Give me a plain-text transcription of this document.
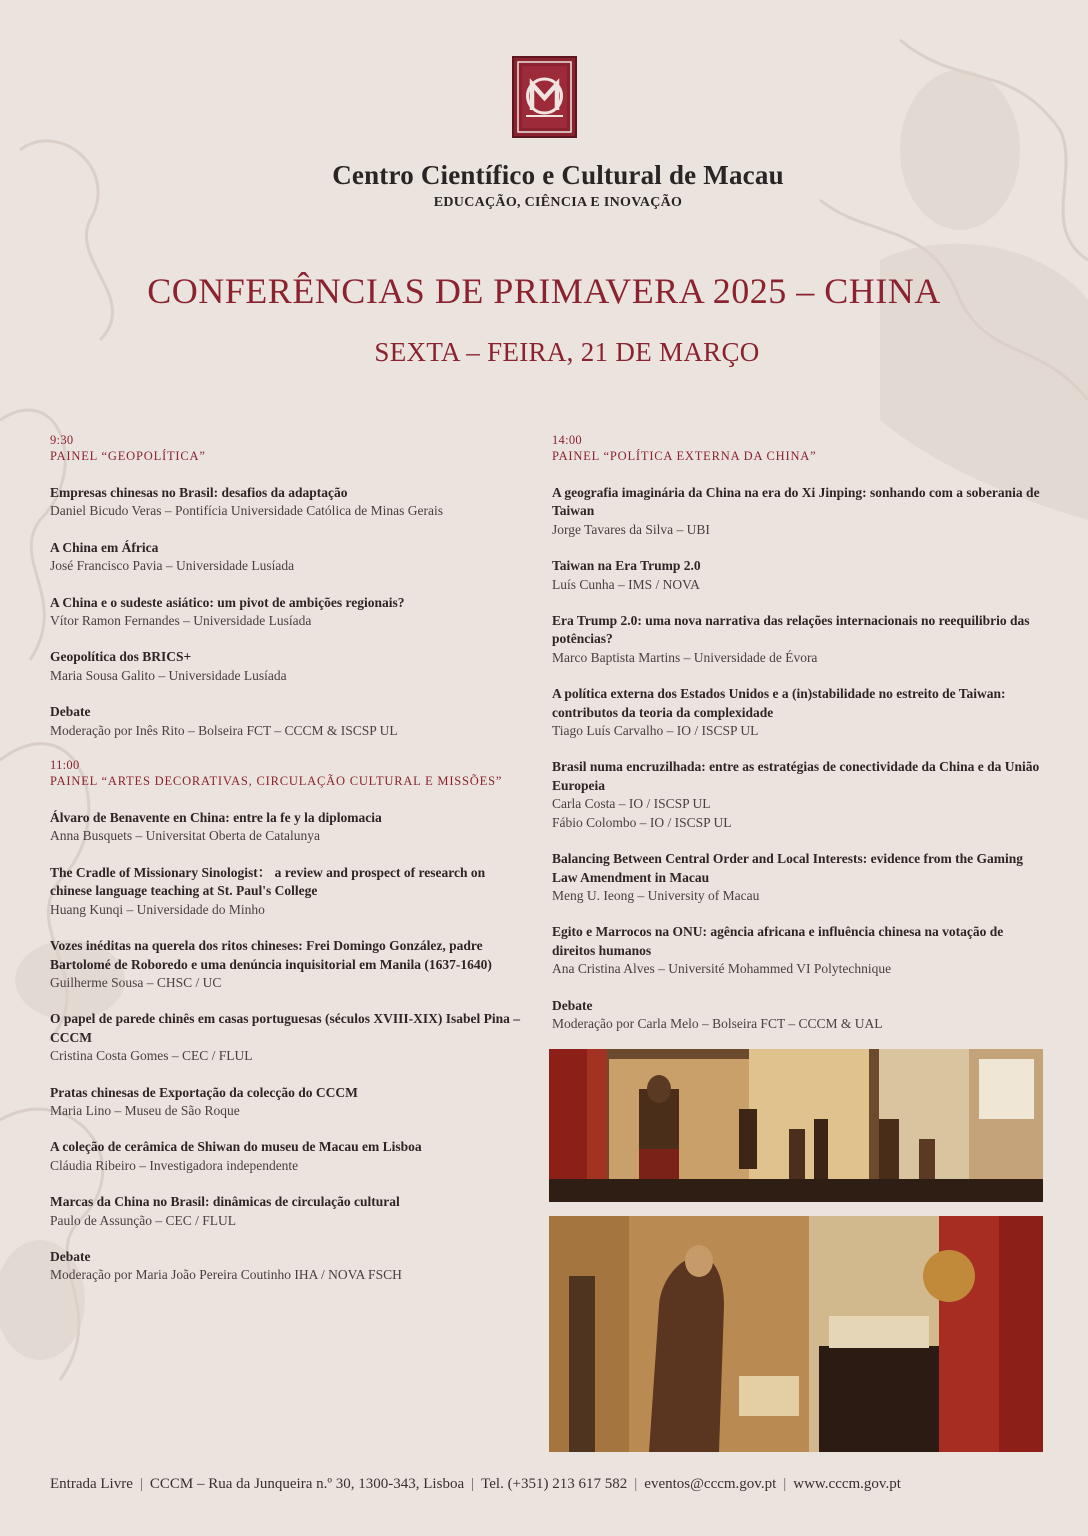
Centro Científico e Cultural de Macau
EDUCAÇÃO, CIÊNCIA E INOVAÇÃO
CONFERÊNCIAS DE PRIMAVERA 2025 – CHINA
SEXTA – FEIRA, 21 DE MARÇO
9:30
PAINEL “GEOPOLÍTICA”
Empresas chinesas no Brasil: desafios da adaptação
Daniel Bicudo Veras – Pontifícia Universidade Católica de Minas Gerais
A China em África
José Francisco Pavia – Universidade Lusíada
A China e o sudeste asiático: um pivot de ambições regionais?
Vítor Ramon Fernandes – Universidade Lusíada
Geopolítica dos BRICS+
Maria Sousa Galito – Universidade Lusíada
Debate
Moderação por Inês Rito – Bolseira FCT – CCCM & ISCSP UL
11:00
PAINEL “ARTES DECORATIVAS, CIRCULAÇÃO CULTURAL E MISSÕES”
Álvaro de Benavente en China: entre la fe y la diplomacia
Anna Busquets – Universitat Oberta de Catalunya
The Cradle of Missionary Sinologist： a review and prospect of research on chinese language teaching at St. Paul's College
Huang Kunqi – Universidade do Minho
Vozes inéditas na querela dos ritos chineses: Frei Domingo González, padre Bartolomé de Roboredo e uma denúncia inquisitorial em Manila (1637-1640)
Guilherme Sousa – CHSC / UC
O papel de parede chinês em casas portuguesas (séculos XVIII-XIX) Isabel Pina – CCCM
Cristina Costa Gomes – CEC / FLUL
Pratas chinesas de Exportação da colecção do CCCM
Maria Lino – Museu de São Roque
A coleção de cerâmica de Shiwan do museu de Macau em Lisboa
Cláudia Ribeiro – Investigadora independente
Marcas da China no Brasil: dinâmicas de circulação cultural
Paulo de Assunção – CEC / FLUL
Debate
Moderação por Maria João Pereira Coutinho IHA / NOVA FSCH
14:00
PAINEL “POLÍTICA EXTERNA DA CHINA”
A geografia imaginária da China na era do Xi Jinping: sonhando com a soberania de Taiwan
Jorge Tavares da Silva – UBI
Taiwan na Era Trump 2.0
Luís Cunha – IMS / NOVA
Era Trump 2.0: uma nova narrativa das relações internacionais no reequilibrio das potências?
Marco Baptista Martins – Universidade de Évora
A política externa dos Estados Unidos e a (in)stabilidade no estreito de Taiwan: contributos da teoria da complexidade
Tiago Luís Carvalho – IO / ISCSP UL
Brasil numa encruzilhada: entre as estratégias de conectividade da China e da União Europeia
Carla Costa – IO / ISCSP UL
Fábio Colombo – IO / ISCSP UL
Balancing Between Central Order and Local Interests: evidence from the Gaming Law Amendment in Macau
Meng U. Ieong – University of Macau
Egito e Marrocos na ONU: agência africana e influência chinesa na votação de direitos humanos
Ana Cristina Alves – Université Mohammed VI Polytechnique
Debate
Moderação por Carla Melo – Bolseira FCT – CCCM & UAL
Entrada Livre | CCCM – Rua da Junqueira n.º 30, 1300-343, Lisboa | Tel. (+351) 213 617 582 | eventos@cccm.gov.pt | www.cccm.gov.pt
